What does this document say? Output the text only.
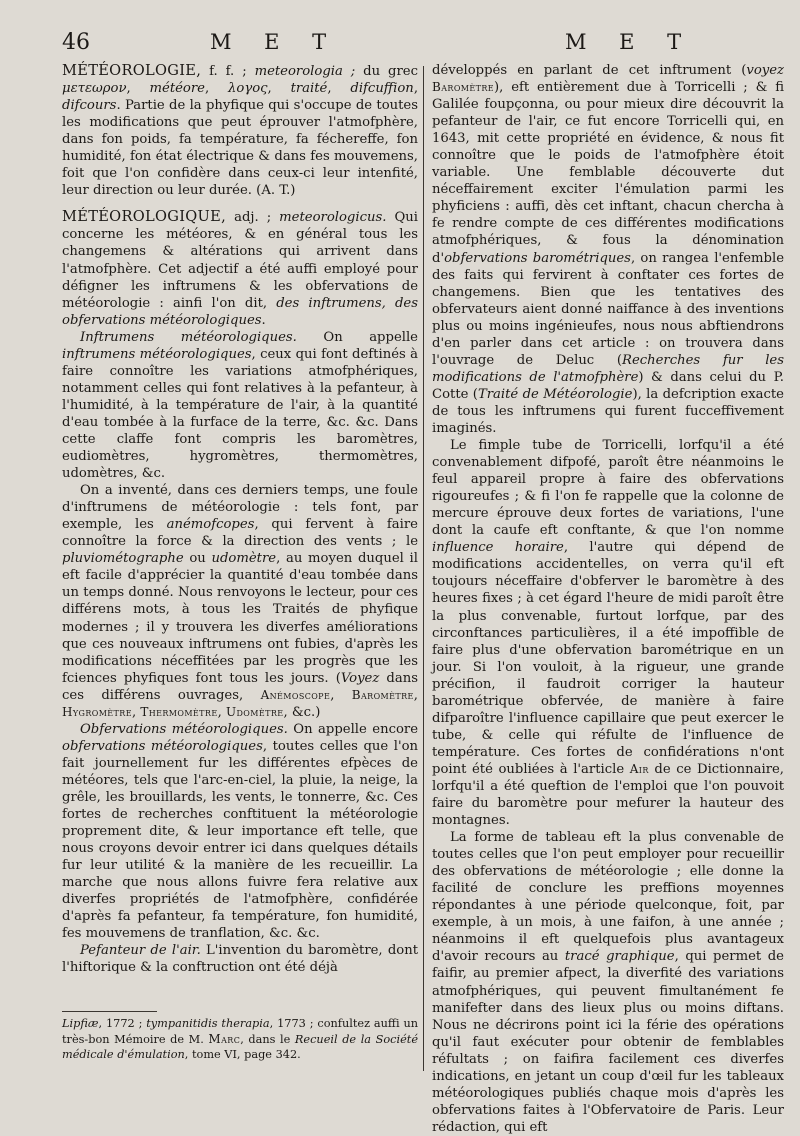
46	M E T	M E T

MÉTÉOROLOGIE, f. f. ; meteorologia ; du grec μετεωρον, météore, λογος, traité, difcuffion, difcours. Partie de la phyfique qui s'occupe de toutes les modifications que peut éprouver l'atmofphère, dans fon poids, fa température, fa féchereffe, fon humidité, fon état électrique & dans fes mouvemens, foit que l'on confidère dans ceux-ci leur intenfité, leur direction ou leur durée. (A. T.)

MÉTÉOROLOGIQUE, adj. ; meteorologicus. Qui concerne les météores, & en général tous les changemens & altérations qui arrivent dans l'atmofphère. Cet adjectif a été auffi employé pour défigner les inftrumens & les obfervations de météorologie : ainfi l'on dit, des inftrumens, des obfervations météorologiques.

Inftrumens météorologiques. On appelle inftrumens météorologiques, ceux qui font deftinés à faire connoître les variations atmofphériques, notamment celles qui font relatives à la pefanteur, à l'humidité, à la température de l'air, à la quantité d'eau tombée à la furface de la terre, &c. &c. Dans cette claffe font compris les baromètres, eudiomètres, hygromètres, thermomètres, udomètres, &c.

On a inventé, dans ces derniers temps, une foule d'inftrumens de météorologie : tels font, par exemple, les anémofcopes, qui fervent à faire connoître la force & la direction des vents ; le pluviométographe ou udomètre, au moyen duquel il eft facile d'apprécier la quantité d'eau tombée dans un temps donné. Nous renvoyons le lecteur, pour ces différens mots, à tous les Traités de phyfique modernes ; il y trouvera les diverfes améliorations que ces nouveaux inftrumens ont fubies, d'après les modifications néceffitées par les progrès que les fciences phyfiques font tous les jours. (Voyez dans ces différens ouvrages, Anémoscope, Baromètre, Hygromètre, Thermomètre, Udomètre, &c.)

Obfervations météorologiques. On appelle encore obfervations météorologiques, toutes celles que l'on fait journellement fur les différentes efpèces de météores, tels que l'arc-en-ciel, la pluie, la neige, la grêle, les brouillards, les vents, le tonnerre, &c. Ces fortes de recherches conftituent la météorologie proprement dite, & leur importance eft telle, que nous croyons devoir entrer ici dans quelques détails fur leur utilité & la manière de les recueillir. La marche que nous allons fuivre fera relative aux diverfes propriétés de l'atmofphère, confidérée d'après fa pefanteur, fa température, fon humidité, fes mouvemens de tranflation, &c. &c.

Pefanteur de l'air. L'invention du baromètre, dont l'hiftorique & la conftruction ont été déjà

Lipfiæ, 1772 ; tympanitidis therapia, 1773 ; confultez auffi un très-bon Mémoire de M. Marc, dans le Recueil de la Société médicale d'émulation, tome VI, page 342.

développés en parlant de cet inftrument (voyez Baromètre), eft entièrement due à Torricelli ; & fi Galilée foupçonna, ou pour mieux dire découvrit la pefanteur de l'air, ce fut encore Torricelli qui, en 1643, mit cette propriété en évidence, & nous fit connoître que le poids de l'atmofphère étoit variable. Une femblable découverte dut néceffairement exciter l'émulation parmi les phyficiens : auffi, dès cet inftant, chacun chercha à fe rendre compte de ces différentes modifications atmofphériques, & fous la dénomination d'obfervations barométriques, on rangea l'enfemble des faits qui fervirent à conftater ces fortes de changemens. Bien que les tentatives des obfervateurs aient donné naiffance à des inventions plus ou moins ingénieufes, nous nous abftiendrons d'en parler dans cet article : on trouvera dans l'ouvrage de Deluc (Recherches fur les modifications de l'atmofphère) & dans celui du P. Cotte (Traité de Météorologie), la defcription exacte de tous les inftrumens qui furent fucceffivement imaginés.

Le fimple tube de Torricelli, lorfqu'il a été convenablement difpofé, paroît être néanmoins le feul appareil propre à faire des obfervations rigoureufes ; & fi l'on fe rappelle que la colonne de mercure éprouve deux fortes de variations, l'une dont la caufe eft conftante, & que l'on nomme influence horaire, l'autre qui dépend de modifications accidentelles, on verra qu'il eft toujours néceffaire d'obferver le baromètre à des heures fixes ; à cet égard l'heure de midi paroît être la plus convenable, furtout lorfque, par des circonftances particulières, il a été impoffible de faire plus d'une obfervation barométrique en un jour. Si l'on vouloit, à la rigueur, une grande précifion, il faudroit corriger la hauteur barométrique obfervée, de manière à faire difparoître l'influence capillaire que peut exercer le tube, & celle qui réfulte de l'influence de température. Ces fortes de confidérations n'ont point été oubliées à l'article Air de ce Dictionnaire, lorfqu'il a été queftion de l'emploi que l'on pouvoit faire du baromètre pour mefurer la hauteur des montagnes.

La forme de tableau eft la plus convenable de toutes celles que l'on peut employer pour recueillir des obfervations de météorologie ; elle donne la facilité de conclure les preffions moyennes répondantes à une période quelconque, foit, par exemple, à un mois, à une faifon, à une année ; néanmoins il eft quelquefois plus avantageux d'avoir recours au tracé graphique, qui permet de faifir, au premier afpect, la diverfité des variations atmofphériques, qui peuvent fimultanément fe manifefter dans des lieux plus ou moins diftans. Nous ne décrirons point ici la férie des opérations qu'il faut exécuter pour obtenir de femblables réfultats ; on faifira facilement ces diverfes indications, en jetant un coup d'œil fur les tableaux météorologiques publiés chaque mois d'après les obfervations faites à l'Obfervatoire de Paris. Leur rédaction, qui eft
